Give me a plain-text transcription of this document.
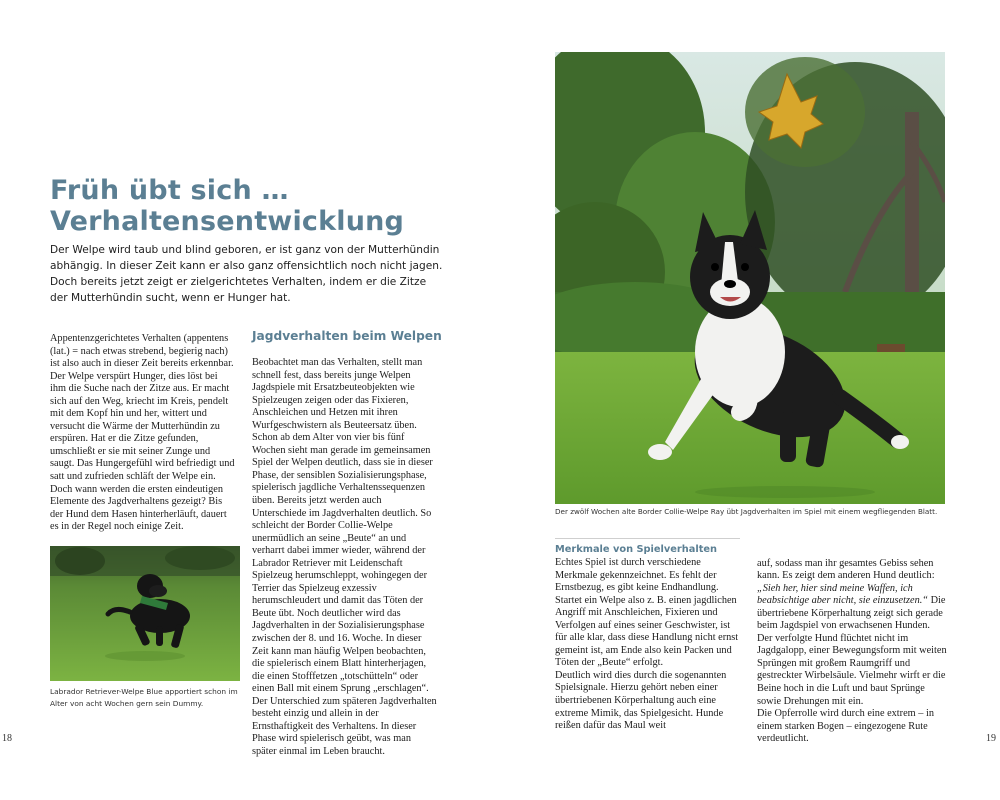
Früh übt sich …
Verhaltensentwicklung

Der Welpe wird taub und blind geboren, er ist ganz von der Mutterhündin abhängig. In dieser Zeit kann er also ganz offensichtlich noch nicht jagen. Doch bereits jetzt zeigt er zielgerichtetes Verhalten, indem er die Zitze der Mutterhündin sucht, wenn er Hunger hat.

Appentenzgerichtetes Verhalten (appentens (lat.) = nach etwas strebend, begierig nach) ist also auch in dieser Zeit bereits erkennbar. Der Welpe verspürt Hunger, dies löst bei ihm die Suche nach der Zitze aus. Er macht sich auf den Weg, kriecht im Kreis, pendelt mit dem Kopf hin und her, wittert und versucht die Wärme der Mutterhündin zu erspüren. Hat er die Zitze gefunden, umschließt er sie mit seiner Zunge und saugt. Das Hungergefühl wird befriedigt und satt und zufrieden schläft der Welpe ein.
Doch wann werden die ersten eindeutigen Elemente des Jagdverhaltens gezeigt? Bis der Hund dem Hasen hinterherläuft, dauert es in der Regel noch einige Zeit.

Labrador Retriever-Welpe Blue apportiert schon im Alter von acht Wochen gern sein Dummy.

Jagdverhalten beim Welpen

Beobachtet man das Verhalten, stellt man schnell fest, dass bereits junge Welpen Jagdspiele mit Ersatzbeuteobjekten wie Spielzeugen zeigen oder das Fixieren, Anschleichen und Hetzen mit ihren Wurfgeschwistern als Beuteersatz üben. Schon ab dem Alter von vier bis fünf Wochen sieht man gerade im gemeinsamen Spiel der Welpen deutlich, dass sie in dieser Phase, der sensiblen Sozialisierungsphase, spielerisch jagdliche Verhaltenssequenzen üben. Bereits jetzt werden auch Unterschiede im Jagdverhalten deutlich. So schleicht der Border Collie-Welpe unermüdlich an seine „Beute“ an und verharrt dabei immer wieder, während der Labrador Retriever mit Leidenschaft Spielzeug herumschleppt, wohingegen der Terrier das Spielzeug exzessiv herumschleudert und damit das Töten der Beute übt. Noch deutlicher wird das Jagdverhalten in der Sozialisierungsphase zwischen der 8. und 16. Woche. In dieser Zeit kann man häufig Welpen beobachten, die spielerisch einem Blatt hinterherjagen, die einen Stofffetzen „totschütteln“ oder einen Ball mit einem Sprung „erschlagen“. Der Unterschied zum späteren Jagdverhalten besteht einzig und allein in der Ernsthaftigkeit des Verhaltens. In dieser Phase wird spielerisch geübt, was man später einmal im Leben braucht.

18

Der zwölf Wochen alte Border Collie-Welpe Ray übt Jagdverhalten im Spiel mit einem wegfliegenden Blatt.

Merkmale von Spielverhalten

Echtes Spiel ist durch verschiedene Merkmale gekennzeichnet. Es fehlt der Ernstbezug, es gibt keine Endhandlung. Startet ein Welpe also z. B. einen jagdlichen Angriff mit Anschleichen, Fixieren und Verfolgen auf eines seiner Geschwister, ist für alle klar, dass diese Handlung nicht ernst gemeint ist, am Ende also kein Packen und Töten der „Beute“ erfolgt.
Deutlich wird dies durch die sogenannten Spielsignale. Hierzu gehört neben einer übertriebenen Körperhaltung auch eine extreme Mimik, das Spielgesicht. Hunde reißen dafür das Maul weit

auf, sodass man ihr gesamtes Gebiss sehen kann. Es zeigt dem anderen Hund deutlich: „Sieh her, hier sind meine Waffen, ich beabsichtige aber nicht, sie einzusetzen.“ Die übertriebene Körperhaltung zeigt sich gerade beim Jagdspiel von erwachsenen Hunden. Der verfolgte Hund flüchtet nicht im Jagdgalopp, einer Bewegungsform mit weiten Sprüngen mit großem Raumgriff und gestreckter Wirbelsäule. Vielmehr wirft er die Beine hoch in die Luft und baut Sprünge sowie Drehungen mit ein.
Die Opferrolle wird durch eine extrem – in einem starken Bogen – eingezogene Rute verdeutlicht.	19
